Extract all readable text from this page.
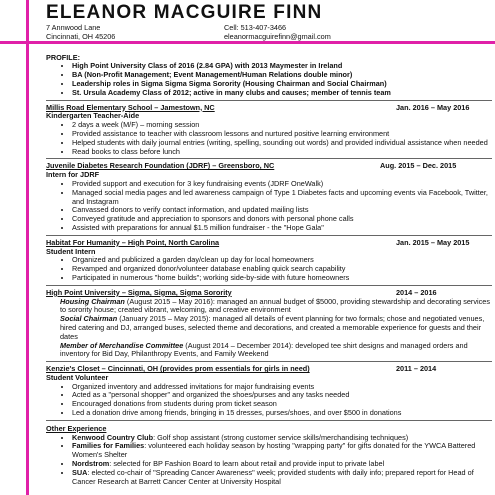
ELEANOR MACGUIRE FINN
7 Annwood Lane
Cincinnati, OH 45206
Cell: 513-407-3466
eleanormacguirefinn@gmail.com
PROFILE:
• High Point University Class of 2016 (2.84 GPA) with 2013 Maymester in Ireland
• BA (Non-Profit Management; Event Management/Human Relations double minor)
• Leadership roles in Sigma Sigma Sigma Sorority (Housing Chairman and Social Chairman)
• St. Ursula Academy Class of 2012; active in many clubs and causes; member of tennis team
Millis Road Elementary School – Jamestown, NC	Jan. 2016 – May 2016
Kindergarten Teacher-Aide
• 2 days a week (M/F) – morning session
• Provided assistance to teacher with classroom lessons and nurtured positive learning environment
• Helped students with daily journal entries (writing, spelling, sounding out words) and provided individual assistance when needed
• Read books to class before lunch
Juvenile Diabetes Research Foundation (JDRF) – Greensboro, NC	Aug. 2015 – Dec. 2015
Intern for JDRF
• Provided support and execution for 3 key fundraising events (JDRF OneWalk)
• Managed social media pages and led awareness campaign of Type 1 Diabetes facts and upcoming events via Facebook, Twitter, and Instagram
• Canvassed donors to verify contact information, and updated mailing lists
• Conveyed gratitude and appreciation to sponsors and donors with personal phone calls
• Assisted with preparations for annual $1.5 million fundraiser - the "Hope Gala"
Habitat For Humanity – High Point, North Carolina	Jan. 2015 – May 2015
Student Intern
• Organized and publicized a garden day/clean up day for local homeowners
• Revamped and organized donor/volunteer database enabling quick search capability
• Participated in numerous "home builds"; working side-by-side with future homeowners
High Point University – Sigma, Sigma, Sigma Sorority	2014 – 2016
Housing Chairman (August 2015 – May 2016): managed an annual budget of $5000, providing stewardship and decorating services to sorority house; created vibrant, welcoming, and creative environment
Social Chairman (January 2015 – May 2015): managed all details of event planning for two formals; chose and negotiated venues, hired catering and DJ, arranged buses, selected theme and decorations, and created a memorable experience for guests and their dates
Member of Merchandise Committee (August 2014 – December 2014): developed tee shirt designs and managed orders and inventory for Bid Day, Philanthropy Events, and Family Weekend
Kenzie's Closet – Cincinnati, OH (provides prom essentials for girls in need)	2011 – 2014
Student Volunteer
• Organized inventory and addressed invitations for major fundraising events
• Acted as a "personal shopper" and organized the shoes/purses and any tasks needed
• Encouraged donations from students during prom ticket season
• Led a donation drive among friends, bringing in 15 dresses, purses/shoes, and over $500 in donations
Other Experience
• Kenwood Country Club: Golf shop assistant (strong customer service skills/merchandising techniques)
• Families for Families: volunteered each holiday season by hosting "wrapping party" for gifts donated for the YWCA Battered Women's Shelter
• Nordstrom: selected for BP Fashion Board to learn about retail and provide input to private label
• SUA: elected co-chair of "Spreading Cancer Awareness" week; provided students with daily info; prepared report for Head of Cancer Research at Barrett Cancer Center at University Hospital
